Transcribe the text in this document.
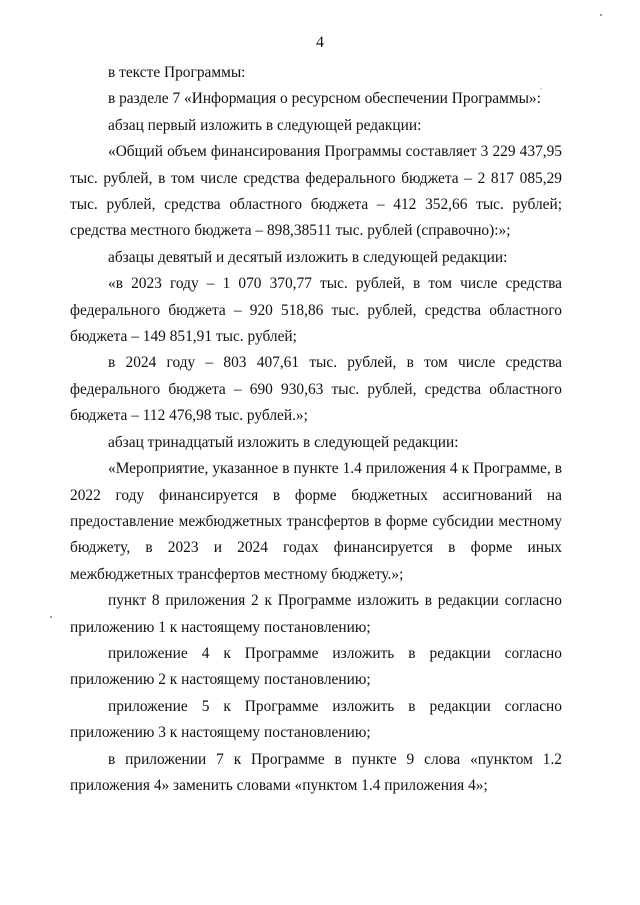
4

в тексте Программы:

в разделе 7 «Информация о ресурсном обеспечении Программы»:

абзац первый изложить в следующей редакции:

«Общий объем финансирования Программы составляет 3 229 437,95 тыс. рублей, в том числе средства федерального бюджета – 2 817 085,29 тыс. рублей, средства областного бюджета – 412 352,66 тыс. рублей; средства местного бюджета – 898,38511 тыс. рублей (справочно):»;

абзацы девятый и десятый изложить в следующей редакции:

«в 2023 году – 1 070 370,77 тыс. рублей, в том числе средства федерального бюджета – 920 518,86 тыс. рублей, средства областного бюджета – 149 851,91 тыс. рублей;

в 2024 году – 803 407,61 тыс. рублей, в том числе средства федерального бюджета – 690 930,63 тыс. рублей, средства областного бюджета – 112 476,98 тыс. рублей.»;

абзац тринадцатый изложить в следующей редакции:

«Мероприятие, указанное в пункте 1.4 приложения 4 к Программе, в 2022 году финансируется в форме бюджетных ассигнований на предоставление межбюджетных трансфертов в форме субсидии местному бюджету, в 2023 и 2024 годах финансируется в форме иных межбюджетных трансфертов местному бюджету.»;

пункт 8 приложения 2 к Программе изложить в редакции согласно приложению 1 к настоящему постановлению;

приложение 4 к Программе изложить в редакции согласно приложению 2 к настоящему постановлению;

приложение 5 к Программе изложить в редакции согласно приложению 3 к настоящему постановлению;

в приложении 7 к Программе в пункте 9 слова «пунктом 1.2 приложения 4» заменить словами «пунктом 1.4 приложения 4»;
